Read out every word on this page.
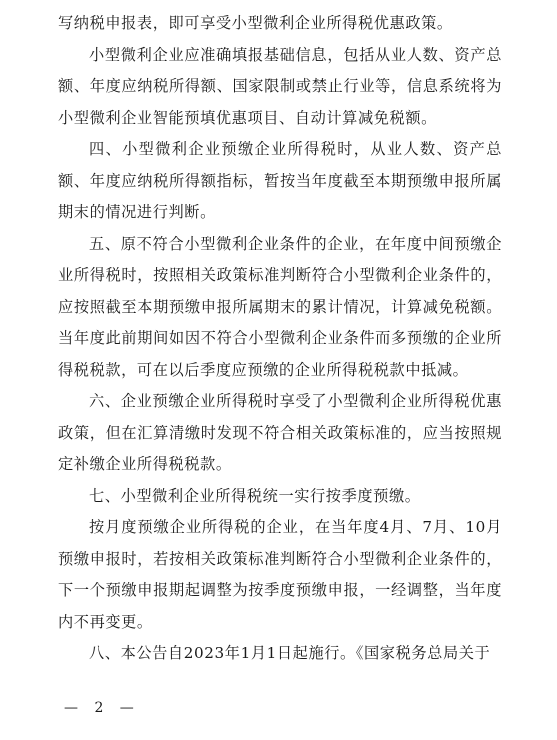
写纳税申报表，即可享受小型微利企业所得税优惠政策。

小型微利企业应准确填报基础信息，包括从业人数、资产总额、年度应纳税所得额、国家限制或禁止行业等，信息系统将为小型微利企业智能预填优惠项目、自动计算减免税额。

四、小型微利企业预缴企业所得税时，从业人数、资产总额、年度应纳税所得额指标，暂按当年度截至本期预缴申报所属期末的情况进行判断。

五、原不符合小型微利企业条件的企业，在年度中间预缴企业所得税时，按照相关政策标准判断符合小型微利企业条件的，应按照截至本期预缴申报所属期末的累计情况，计算减免税额。当年度此前期间如因不符合小型微利企业条件而多预缴的企业所得税税款，可在以后季度应预缴的企业所得税税款中抵减。

六、企业预缴企业所得税时享受了小型微利企业所得税优惠政策，但在汇算清缴时发现不符合相关政策标准的，应当按照规定补缴企业所得税税款。

七、小型微利企业所得税统一实行按季度预缴。

按月度预缴企业所得税的企业，在当年度4月、7月、10月预缴申报时，若按相关政策标准判断符合小型微利企业条件的，下一个预缴申报期起调整为按季度预缴申报，一经调整，当年度内不再变更。

八、本公告自2023年1月1日起施行。《国家税务总局关于

— 2 —
